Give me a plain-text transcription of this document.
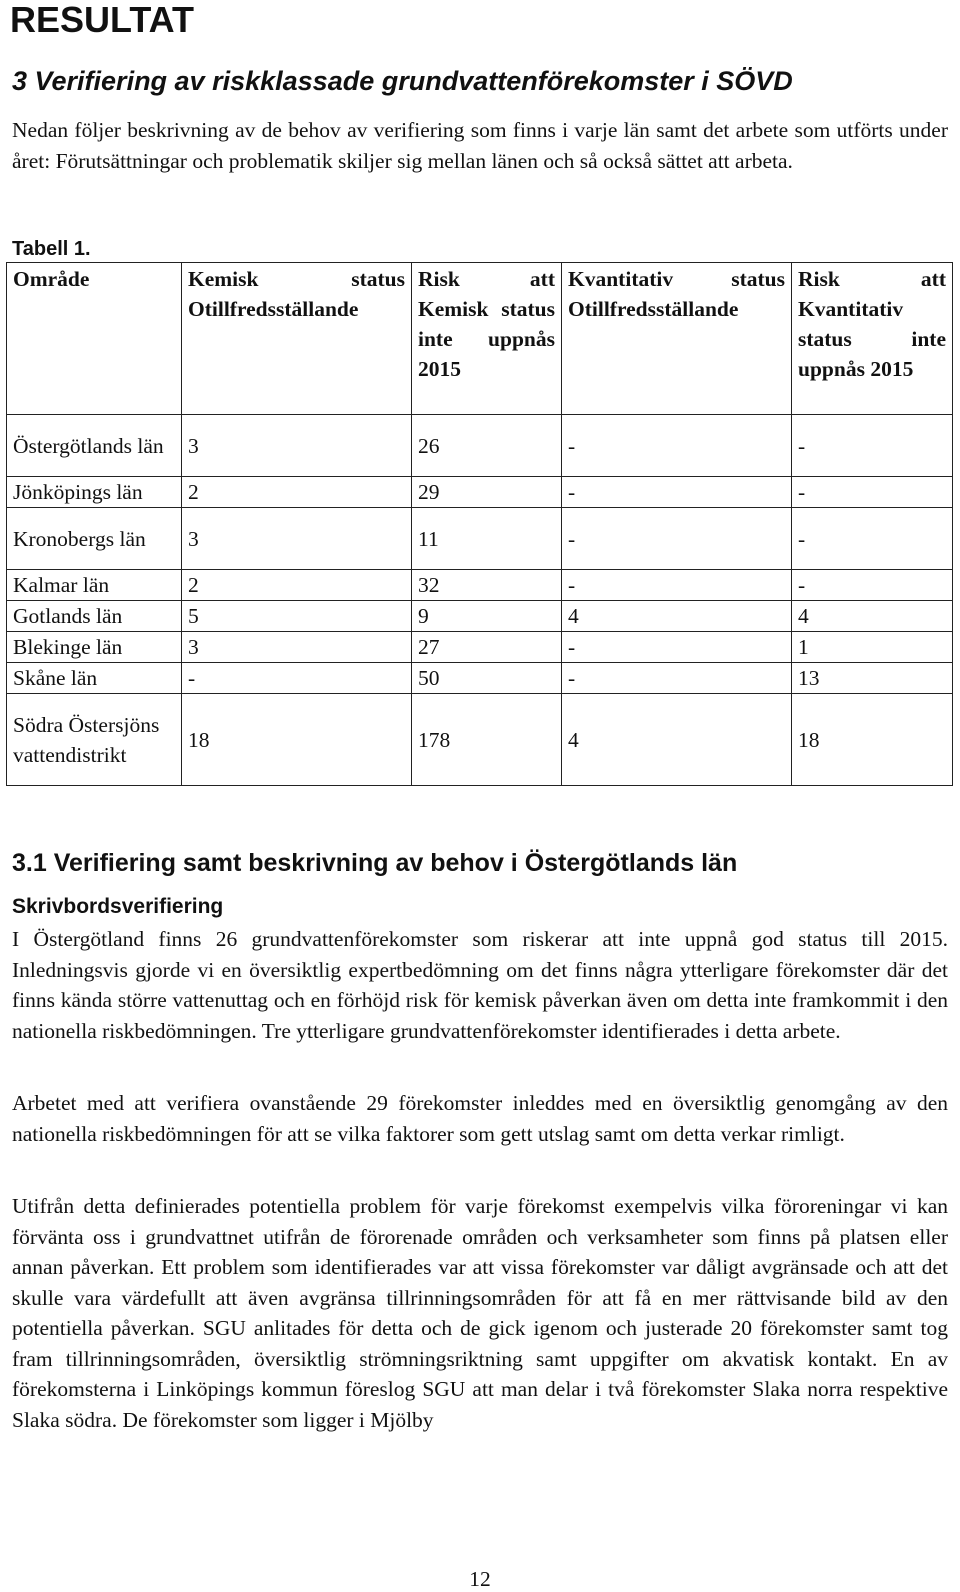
RESULTAT
3 Verifiering av riskklassade grundvattenförekomster i SÖVD

Nedan följer beskrivning av de behov av verifiering som finns i varje län samt det arbete som utförts under året: Förutsättningar och problematik skiljer sig mellan länen och så också sättet att arbeta.

Tabell 1.

Område	Kemisk status Otillfredsställande	Risk att Kemisk status inte uppnås 2015	Kvantitativ status Otillfredsställande	Risk att Kvantitativ status inte uppnås 2015
Östergötlands län	3	26	-	-
Jönköpings län	2	29	-	-
Kronobergs län	3	11	-	-
Kalmar län	2	32	-	-
Gotlands län	5	9	4	4
Blekinge län	3	27	-	1
Skåne län	-	50	-	13
Södra Östersjöns vattendistrikt	18	178	4	18
3.1 Verifiering samt beskrivning av behov i Östergötlands län
Skrivbordsverifiering

I Östergötland finns 26 grundvattenförekomster som riskerar att inte uppnå god status till 2015. Inledningsvis gjorde vi en översiktlig expertbedömning om det finns några ytterligare förekomster där det finns kända större vattenuttag och en förhöjd risk för kemisk påverkan även om detta inte framkommit i den nationella riskbedömningen. Tre ytterligare grundvattenförekomster identifierades i detta arbete.

Arbetet med att verifiera ovanstående 29 förekomster inleddes med en översiktlig genomgång av den nationella riskbedömningen för att se vilka faktorer som gett utslag samt om detta verkar rimligt.

Utifrån detta definierades potentiella problem för varje förekomst exempelvis vilka föroreningar vi kan förvänta oss i grundvattnet utifrån de förorenade områden och verksamheter som finns på platsen eller annan påverkan. Ett problem som identifierades var att vissa förekomster var dåligt avgränsade och att det skulle vara värdefullt att även avgränsa tillrinningsområden för att få en mer rättvisande bild av den potentiella påverkan. SGU anlitades för detta och de gick igenom och justerade 20 förekomster samt tog fram tillrinningsområden, översiktlig strömningsriktning samt uppgifter om akvatisk kontakt. En av förekomsterna i Linköpings kommun föreslog SGU att man delar i två förekomster Slaka norra respektive Slaka södra. De förekomster som ligger i Mjölby

12
